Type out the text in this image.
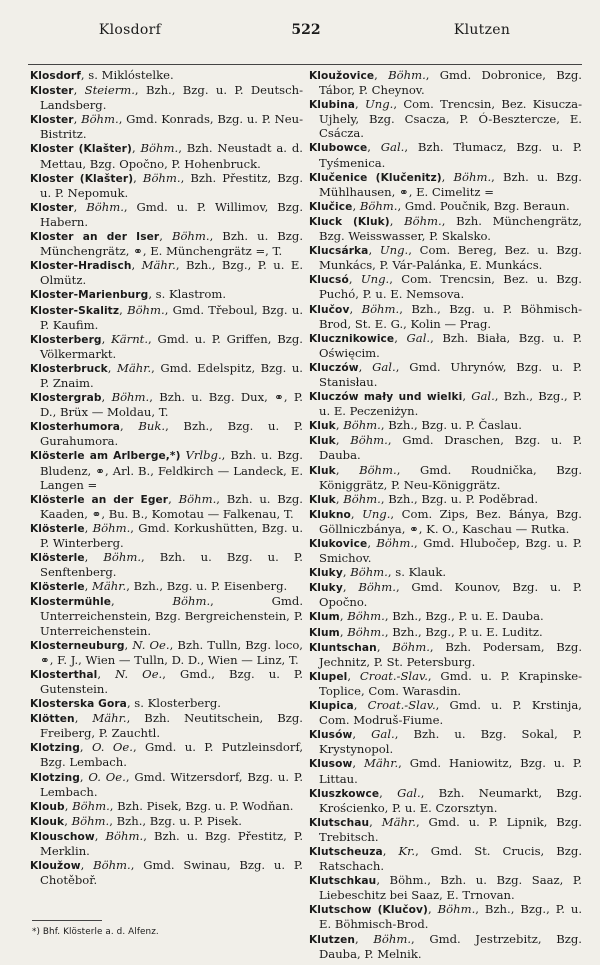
Klosdorf	522	Klutzen

Klosdorf, s. Miklóstelke.

Kloster, Steierm., Bzh., Bzg. u. P. Deutsch-Landsberg.

Kloster, Böhm., Gmd. Konrads, Bzg. u. P. Neu-Bistritz.

Kloster (Klašter), Böhm., Bzh. Neustadt a. d. Mettau, Bzg. Opočno, P. Hohenbruck.

Kloster (Klašter), Böhm., Bzh. Přestitz, Bzg. u. P. Nepomuk.

Kloster, Böhm., Gmd. u. P. Willimov, Bzg. Habern.

Kloster an der Iser, Böhm., Bzh. u. Bzg. Münchengrätz, ⚭, E. Münchengrätz =, T.

Kloster-Hradisch, Mähr., Bzh., Bzg., P. u. E. Olmütz.

Kloster-Marienburg, s. Klastrom.

Kloster-Skalitz, Böhm., Gmd. Třeboul, Bzg. u. P. Kaufim.

Klosterberg, Kärnt., Gmd. u. P. Griffen, Bzg. Völkermarkt.

Klosterbruck, Mähr., Gmd. Edelspitz, Bzg. u. P. Znaim.

Klostergrab, Böhm., Bzh. u. Bzg. Dux, ⚭, P. D., Brüx — Moldau, T.

Klosterhumora, Buk., Bzh., Bzg. u. P. Gurahumora.

Klösterle am Arlberge,*) Vrlbg., Bzh. u. Bzg. Bludenz, ⚭, Arl. B., Feldkirch — Landeck, E. Langen =

Klösterle an der Eger, Böhm., Bzh. u. Bzg. Kaaden, ⚭, Bu. B., Komotau — Falkenau, T.

Klösterle, Böhm., Gmd. Korkushütten, Bzg. u. P. Winterberg.

Klösterle, Böhm., Bzh. u. Bzg. u. P. Senftenberg.

Klösterle, Mähr., Bzh., Bzg. u. P. Eisenberg.

Klostermühle, Böhm., Gmd. Unterreichenstein, Bzg. Bergreichenstein, P. Unterreichenstein.

Klosterneuburg, N. Oe., Bzh. Tulln, Bzg. loco, ⚭, F. J., Wien — Tulln, D. D., Wien — Linz, T.

Klosterthal, N. Oe., Gmd., Bzg. u. P. Gutenstein.

Klosterska Gora, s. Klosterberg.

Klötten, Mähr., Bzh. Neutitschein, Bzg. Freiberg, P. Zauchtl.

Klotzing, O. Oe., Gmd. u. P. Putzleinsdorf, Bzg. Lembach.

Klotzing, O. Oe., Gmd. Witzersdorf, Bzg. u. P. Lembach.

Kloub, Böhm., Bzh. Pisek, Bzg. u. P. Wodňan.

Klouk, Böhm., Bzh., Bzg. u. P. Pisek.

Klouschow, Böhm., Bzh. u. Bzg. Přestitz, P. Merklin.

Kloužow, Böhm., Gmd. Swinau, Bzg. u. P. Chotěboř.

Kloužovice, Böhm., Gmd. Dobronice, Bzg. Tábor, P. Cheynov.

Klubina, Ung., Com. Trencsin, Bez. Kisucza-Ujhely, Bzg. Csacza, P. Ó-Besztercze, E. Csácza.

Klubowce, Gal., Bzh. Tłumacz, Bzg. u. P. Tyśmenica.

Klučenice (Klučenitz), Böhm., Bzh. u. Bzg. Mühlhausen, ⚭, E. Cimelitz =

Klučice, Böhm., Gmd. Poučnik, Bzg. Beraun.

Kluck (Kluk), Böhm., Bzh. Münchengrätz, Bzg. Weisswasser, P. Skalsko.

Klucsárka, Ung., Com. Bereg, Bez. u. Bzg. Munkács, P. Vár-Palánka, E. Munkács.

Klucsó, Ung., Com. Trencsin, Bez. u. Bzg. Puchó, P. u. E. Nemsova.

Klučov, Böhm., Bzh., Bzg. u. P. Böhmisch-Brod, St. E. G., Kolin — Prag.

Klucznikowice, Gal., Bzh. Biała, Bzg. u. P. Oświęcim.

Kluczów, Gal., Gmd. Uhrynów, Bzg. u. P. Stanisłau.

Kluczów mały und wielki, Gal., Bzh., Bzg., P. u. E. Peczeniżyn.

Kluk, Böhm., Bzh., Bzg. u. P. Časlau.

Kluk, Böhm., Gmd. Draschen, Bzg. u. P. Dauba.

Kluk, Böhm., Gmd. Roudnička, Bzg. Königgrätz, P. Neu-Königgrätz.

Kluk, Böhm., Bzh., Bzg. u. P. Poděbrad.

Klukno, Ung., Com. Zips, Bez. Bánya, Bzg. Göllniczbánya, ⚭, K. O., Kaschau — Rutka.

Klukovice, Böhm., Gmd. Hlubočep, Bzg. u. P. Smichov.

Kluky, Böhm., s. Klauk.

Kluky, Böhm., Gmd. Kounov, Bzg. u. P. Opočno.

Klum, Böhm., Bzh., Bzg., P. u. E. Dauba.

Klum, Böhm., Bzh., Bzg., P. u. E. Luditz.

Kluntschan, Böhm., Bzh. Podersam, Bzg. Jechnitz, P. St. Petersburg.

Klupel, Croat.-Slav., Gmd. u. P. Krapinske-Toplice, Com. Warasdin.

Klupica, Croat.-Slav., Gmd. u. P. Krstinja, Com. Modruš-Fiume.

Klusów, Gal., Bzh. u. Bzg. Sokal, P. Krystynopol.

Klusow, Mähr., Gmd. Haniowitz, Bzg. u. P. Littau.

Kluszkowce, Gal., Bzh. Neumarkt, Bzg. Krościenko, P. u. E. Czorsztyn.

Klutschau, Mähr., Gmd. u. P. Lipnik, Bzg. Trebitsch.

Klutscheuza, Kr., Gmd. St. Crucis, Bzg. Ratschach.

Klutschkau, Böhm., Bzh. u. Bzg. Saaz, P. Liebeschitz bei Saaz, E. Trnovan.

Klutschow (Klučov), Böhm., Bzh., Bzg., P. u. E. Böhmisch-Brod.

Klutzen, Böhm., Gmd. Jestrzebitz, Bzg. Dauba, P. Melnik.

*) Bhf. Klösterle a. d. Alfenz.
